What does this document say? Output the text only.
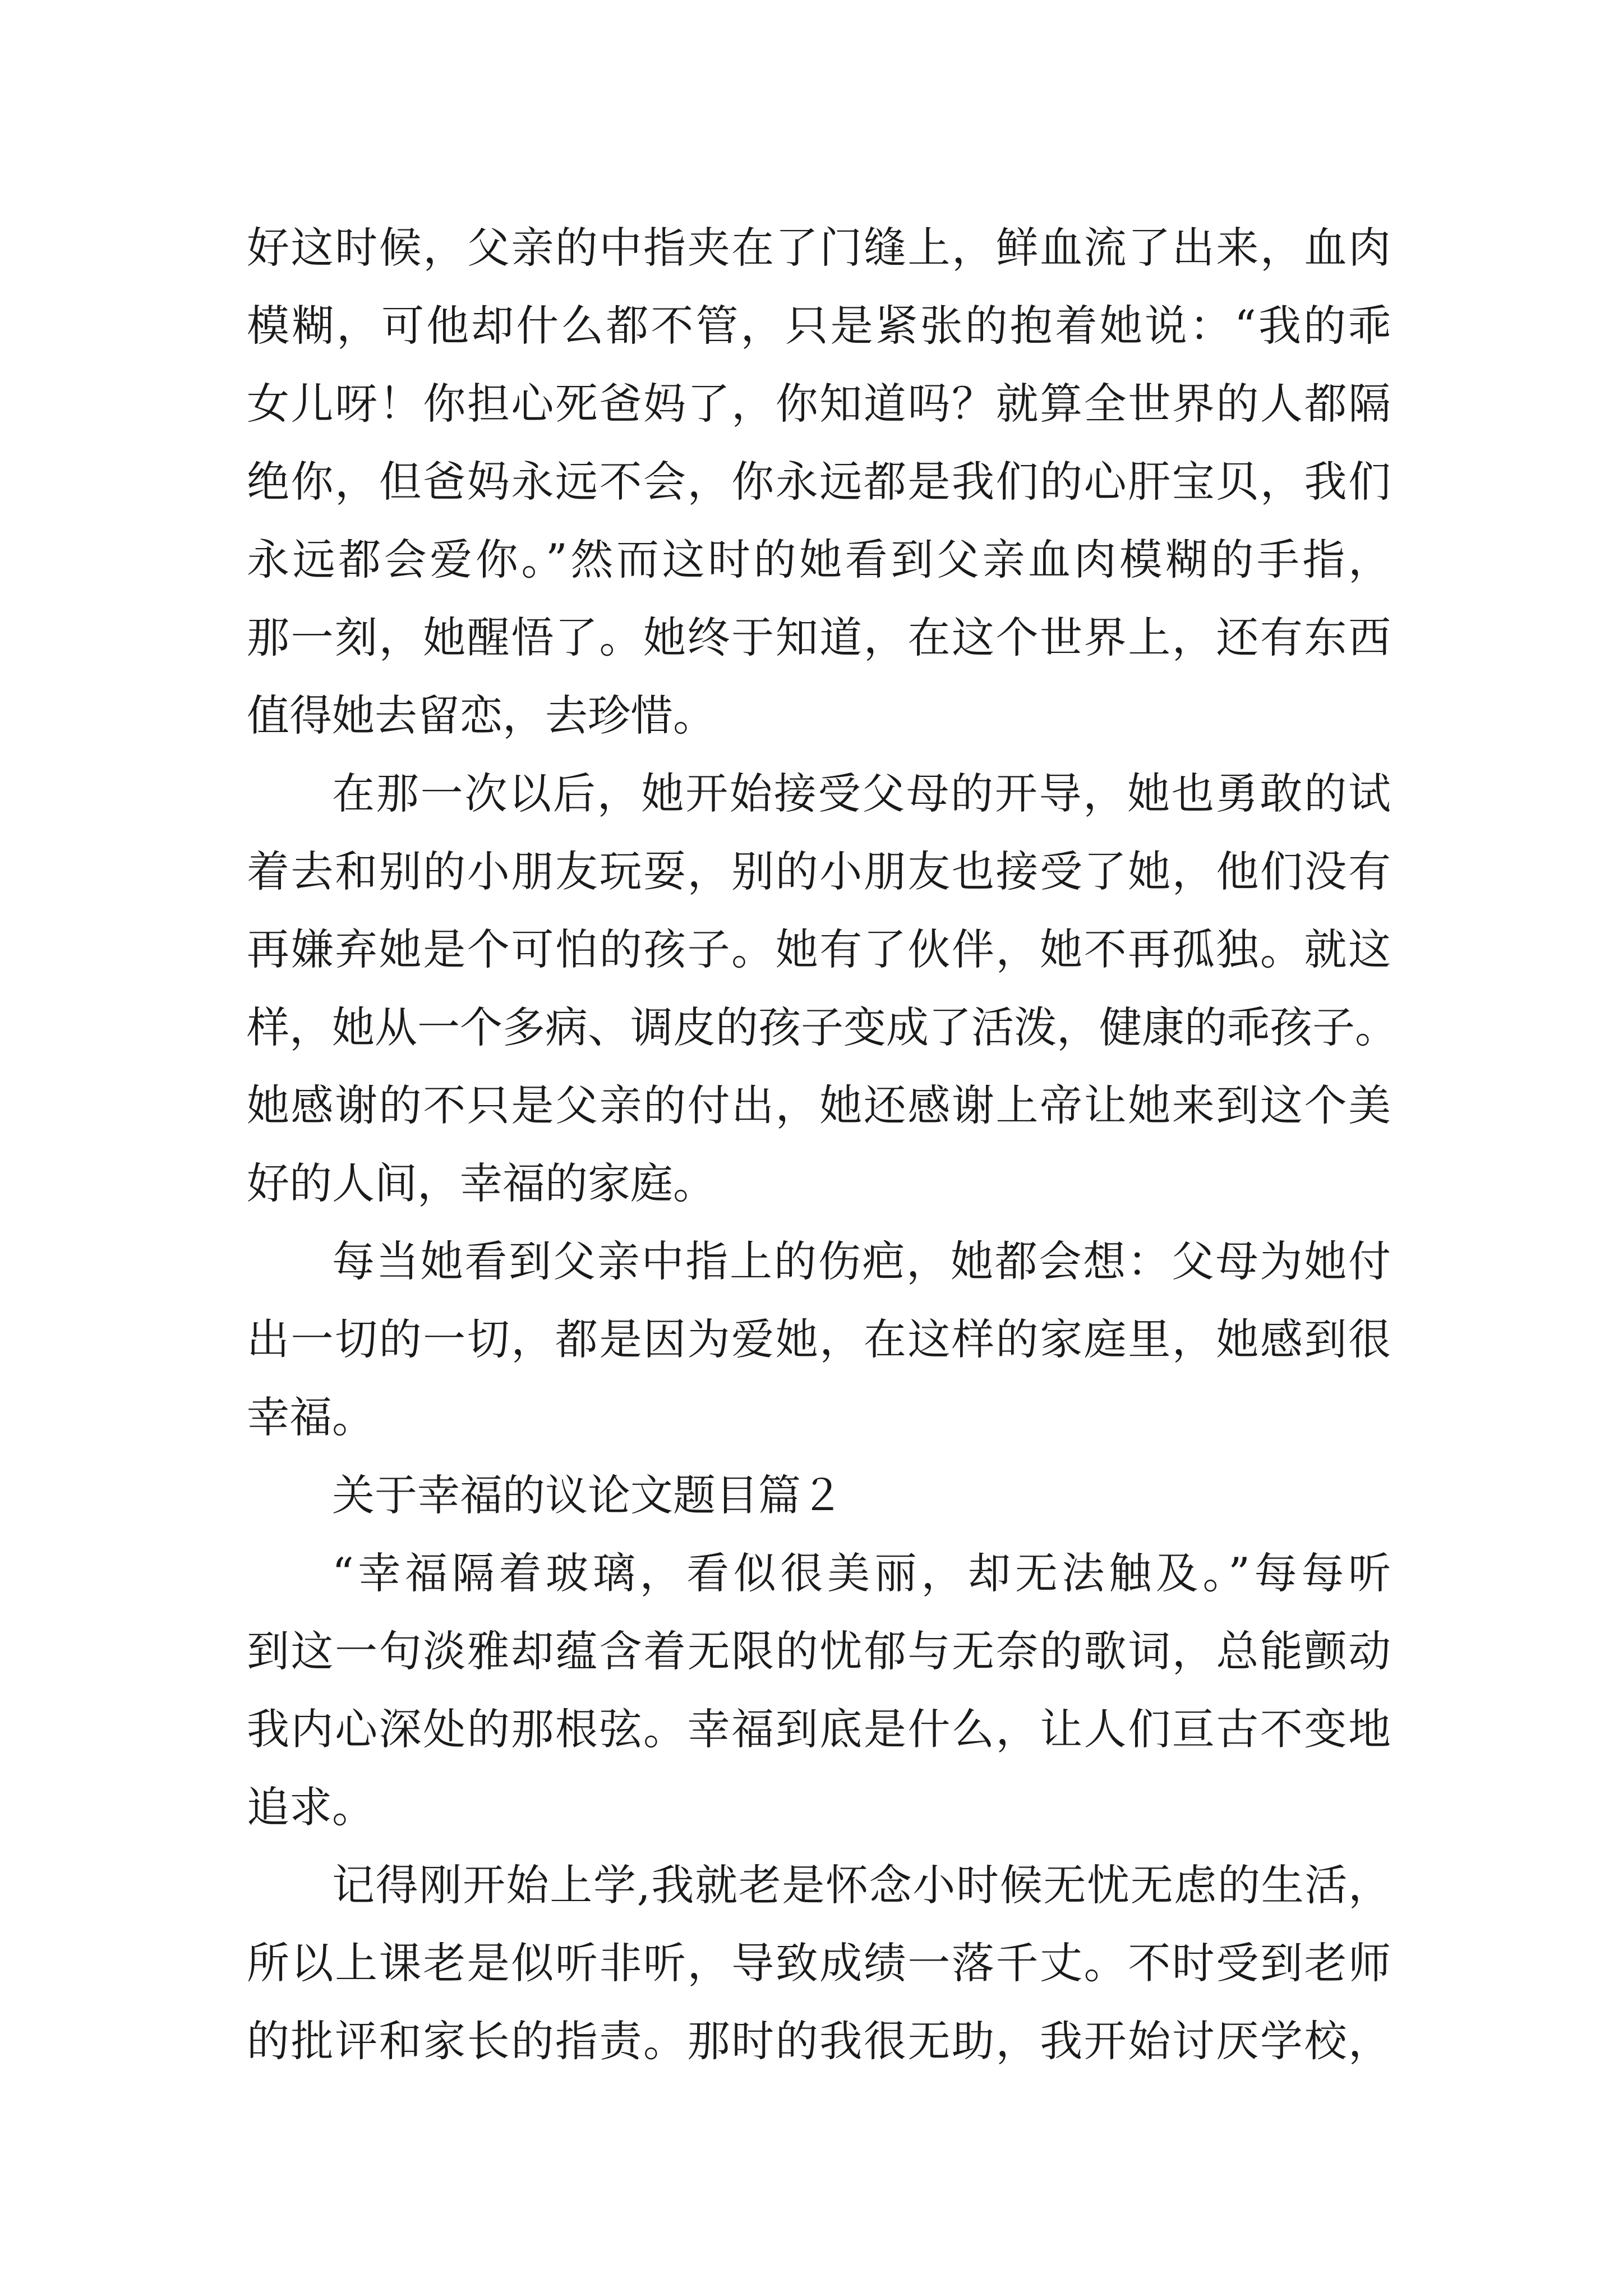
好这时候，父亲的中指夹在了门缝上，鲜血流了出来，血肉
模糊，可他却什么都不管，只是紧张的抱着她说：“我的乖
女儿呀！你担心死爸妈了，你知道吗？就算全世界的人都隔
绝你，但爸妈永远不会，你永远都是我们的心肝宝贝，我们
永远都会爱你。”然而这时的她看到父亲血肉模糊的手指，
那一刻，她醒悟了。她终于知道，在这个世界上，还有东西
值得她去留恋，去珍惜。
在那一次以后，她开始接受父母的开导，她也勇敢的试
着去和别的小朋友玩耍，别的小朋友也接受了她，他们没有
再嫌弃她是个可怕的孩子。她有了伙伴，她不再孤独。就这
样，她从一个多病、调皮的孩子变成了活泼，健康的乖孩子。
她感谢的不只是父亲的付出，她还感谢上帝让她来到这个美
好的人间，幸福的家庭。
每当她看到父亲中指上的伤疤，她都会想：父母为她付
出一切的一切，都是因为爱她，在这样的家庭里，她感到很
幸福。
关于幸福的议论文题目篇２
“幸福隔着玻璃，看似很美丽，却无法触及。”每每听
到这一句淡雅却蕴含着无限的忧郁与无奈的歌词，总能颤动
我内心深处的那根弦。幸福到底是什么，让人们亘古不变地
追求。
记得刚开始上学,我就老是怀念小时候无忧无虑的生活，
所以上课老是似听非听，导致成绩一落千丈。不时受到老师
的批评和家长的指责。那时的我很无助，我开始讨厌学校，
